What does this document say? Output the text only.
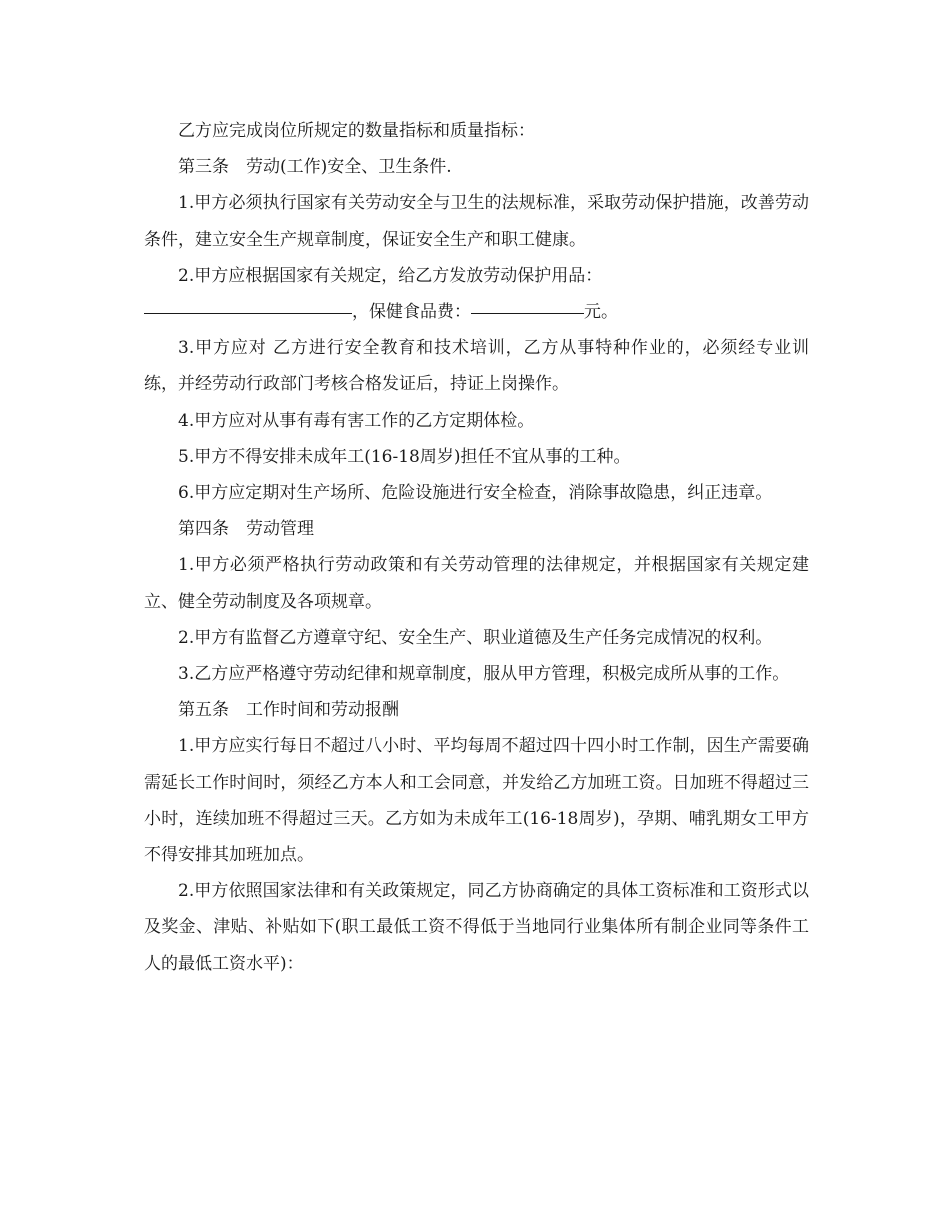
乙方应完成岗位所规定的数量指标和质量指标：

第三条　劳动(工作)安全、卫生条件.

1.甲方必须执行国家有关劳动安全与卫生的法规标准，采取劳动保护措施，改善劳动条件，建立安全生产规章制度，保证安全生产和职工健康。

2.甲方应根据国家有关规定，给乙方发放劳动保护用品：

，保健食品费：	元。

3.甲方应对 乙方进行安全教育和技术培训，乙方从事特种作业的，必须经专业训练，并经劳动行政部门考核合格发证后，持证上岗操作。

4.甲方应对从事有毒有害工作的乙方定期体检。

5.甲方不得安排未成年工(16-18周岁)担任不宜从事的工种。

6.甲方应定期对生产场所、危险设施进行安全检查，消除事故隐患，纠正违章。

第四条　劳动管理

1.甲方必须严格执行劳动政策和有关劳动管理的法律规定，并根据国家有关规定建立、健全劳动制度及各项规章。

2.甲方有监督乙方遵章守纪、安全生产、职业道德及生产任务完成情况的权利。

3.乙方应严格遵守劳动纪律和规章制度，服从甲方管理，积极完成所从事的工作。

第五条　工作时间和劳动报酬

1.甲方应实行每日不超过八小时、平均每周不超过四十四小时工作制，因生产需要确需延长工作时间时，须经乙方本人和工会同意，并发给乙方加班工资。日加班不得超过三小时，连续加班不得超过三天。乙方如为未成年工(16-18周岁)，孕期、哺乳期女工甲方不得安排其加班加点。

2.甲方依照国家法律和有关政策规定，同乙方协商确定的具体工资标准和工资形式以及奖金、津贴、补贴如下(职工最低工资不得低于当地同行业集体所有制企业同等条件工人的最低工资水平)：
